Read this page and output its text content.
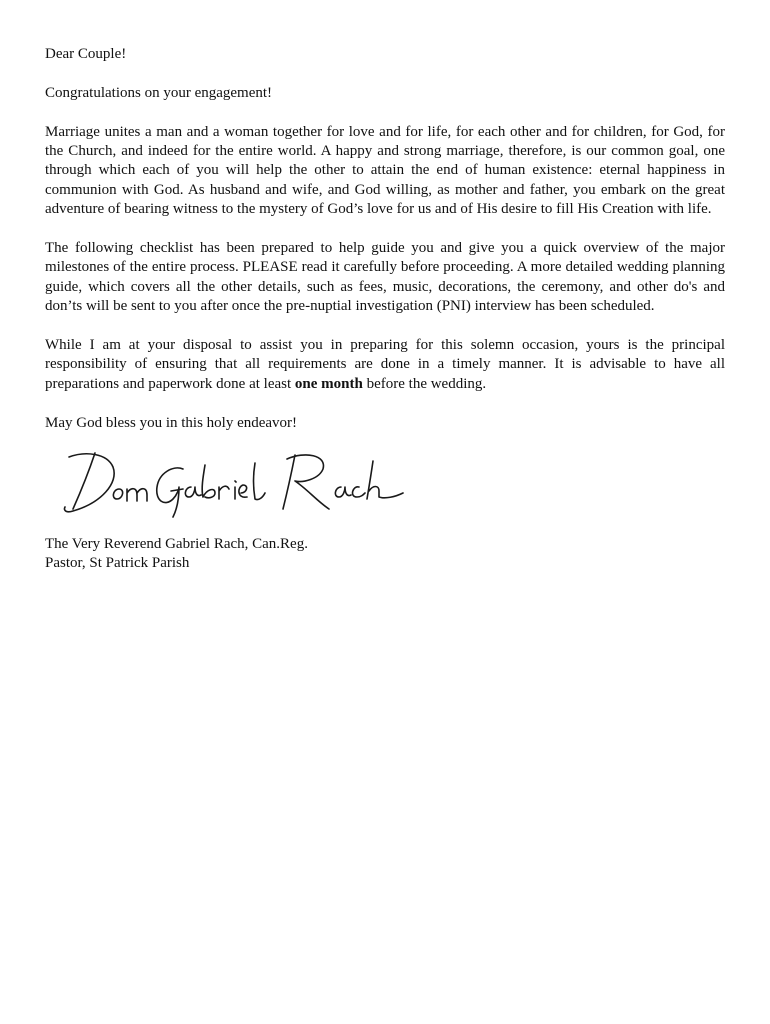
Dear Couple!

Congratulations on your engagement!

Marriage unites a man and a woman together for love and for life, for each other and for children, for God, for the Church, and indeed for the entire world. A happy and strong marriage, therefore, is our common goal, one through which each of you will help the other to attain the end of human existence: eternal happiness in communion with God. As husband and wife, and God willing, as mother and father, you embark on the great adventure of bearing witness to the mystery of God’s love for us and of His desire to fill His Creation with life.

The following checklist has been prepared to help guide you and give you a quick overview of the major milestones of the entire process. PLEASE read it carefully before proceeding. A more detailed wedding planning guide, which covers all the other details, such as fees, music, decorations, the ceremony, and other do's and don’ts will be sent to you after once the pre-nuptial investigation (PNI) interview has been scheduled.

While I am at your disposal to assist you in preparing for this solemn occasion, yours is the principal responsibility of ensuring that all requirements are done in a timely manner. It is advisable to have all preparations and paperwork done at least one month before the wedding.

May God bless you in this holy endeavor!

The Very Reverend Gabriel Rach, Can.Reg.

Pastor, St Patrick Parish
